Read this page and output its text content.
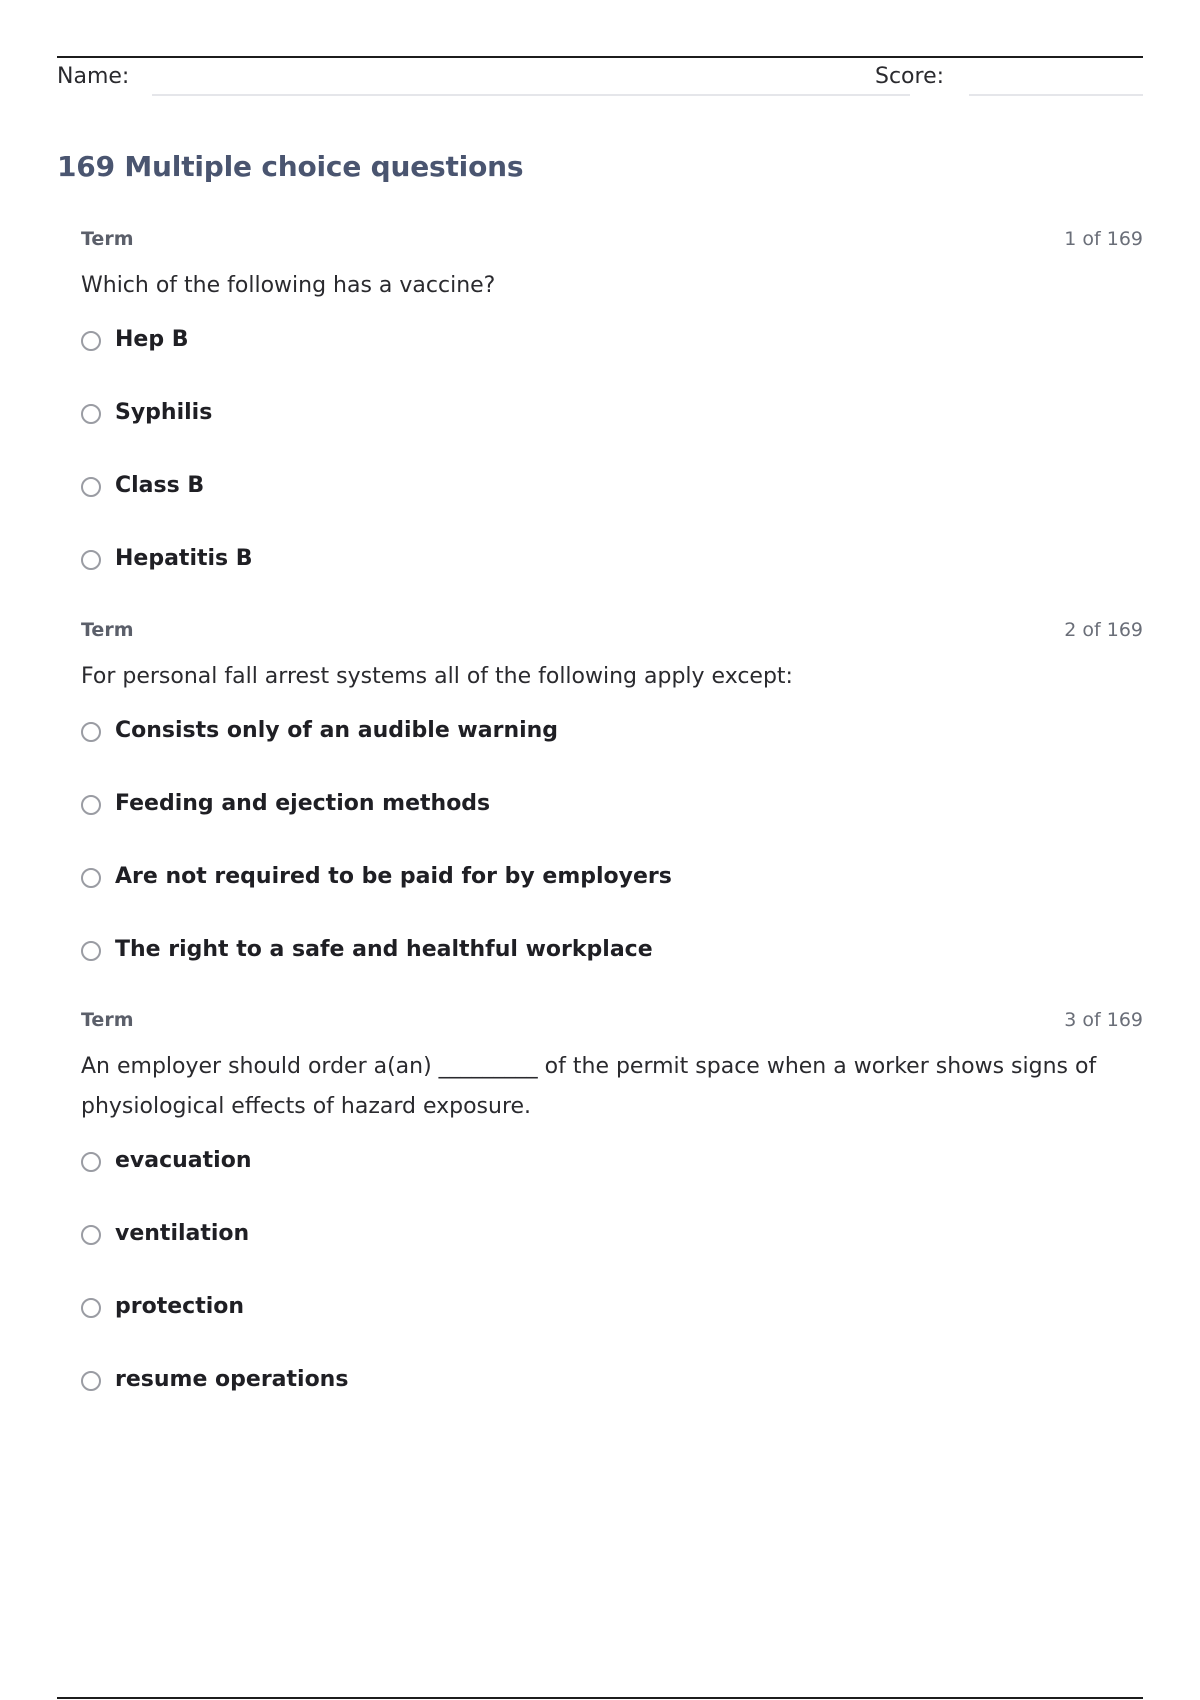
Name:	Score:
169 Multiple choice questions
Term	1 of 169
Which of the following has a vaccine?
Hep B
Syphilis
Class B
Hepatitis B
Term	2 of 169
For personal fall arrest systems all of the following apply except:
Consists only of an audible warning
Feeding and ejection methods
Are not required to be paid for by employers
The right to a safe and healthful workplace
Term	3 of 169
An employer should order a(an) _________ of the permit space when a worker shows signs of physiological effects of hazard exposure.
evacuation
ventilation
protection
resume operations
